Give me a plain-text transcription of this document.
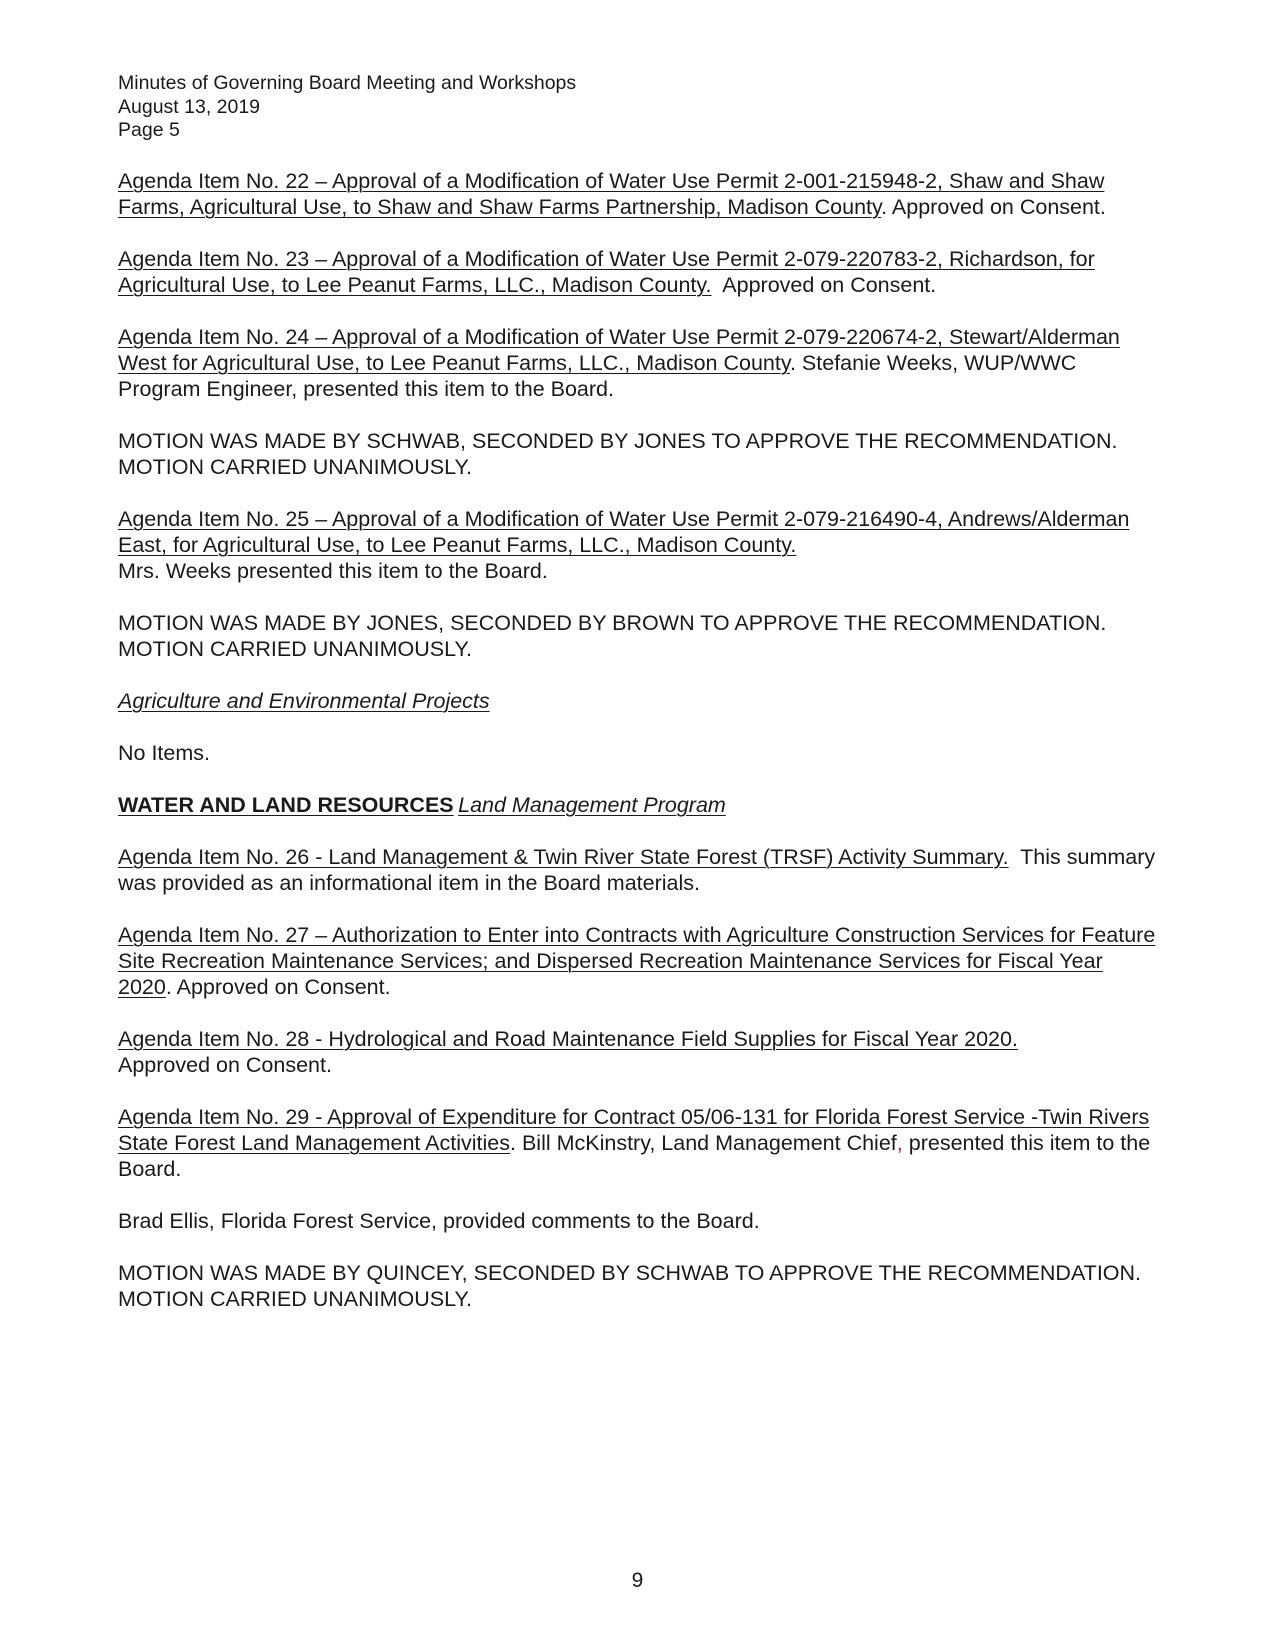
Minutes of Governing Board Meeting and Workshops

August 13, 2019

Page 5

Agenda Item No. 22 – Approval of a Modification of Water Use Permit 2-001-215948-2, Shaw and Shaw Farms, Agricultural Use, to Shaw and Shaw Farms Partnership, Madison County. Approved on Consent.

Agenda Item No. 23 – Approval of a Modification of Water Use Permit 2-079-220783-2, Richardson, for Agricultural Use, to Lee Peanut Farms, LLC., Madison County.  Approved on Consent.

Agenda Item No. 24 – Approval of a Modification of Water Use Permit 2-079-220674-2, Stewart/Alderman West for Agricultural Use, to Lee Peanut Farms, LLC., Madison County. Stefanie Weeks, WUP/WWC Program Engineer, presented this item to the Board.

MOTION WAS MADE BY SCHWAB, SECONDED BY JONES TO APPROVE THE RECOMMENDATION. MOTION CARRIED UNANIMOUSLY.

Agenda Item No. 25 – Approval of a Modification of Water Use Permit 2-079-216490-4, Andrews/Alderman East, for Agricultural Use, to Lee Peanut Farms, LLC., Madison County.
Mrs. Weeks presented this item to the Board.

MOTION WAS MADE BY JONES, SECONDED BY BROWN TO APPROVE THE RECOMMENDATION. MOTION CARRIED UNANIMOUSLY.

Agriculture and Environmental Projects

No Items.

WATER AND LAND RESOURCES

Land Management Program

Agenda Item No. 26 - Land Management & Twin River State Forest (TRSF) Activity Summary.  This summary was provided as an informational item in the Board materials.

Agenda Item No. 27 – Authorization to Enter into Contracts with Agriculture Construction Services for Feature Site Recreation Maintenance Services; and Dispersed Recreation Maintenance Services for Fiscal Year 2020. Approved on Consent.

Agenda Item No. 28 - Hydrological and Road Maintenance Field Supplies for Fiscal Year 2020.
Approved on Consent.

Agenda Item No. 29 - Approval of Expenditure for Contract 05/06-131 for Florida Forest Service -Twin Rivers State Forest Land Management Activities. Bill McKinstry, Land Management Chief, presented this item to the Board.

Brad Ellis, Florida Forest Service, provided comments to the Board.

MOTION WAS MADE BY QUINCEY, SECONDED BY SCHWAB TO APPROVE THE RECOMMENDATION. MOTION CARRIED UNANIMOUSLY.

9
